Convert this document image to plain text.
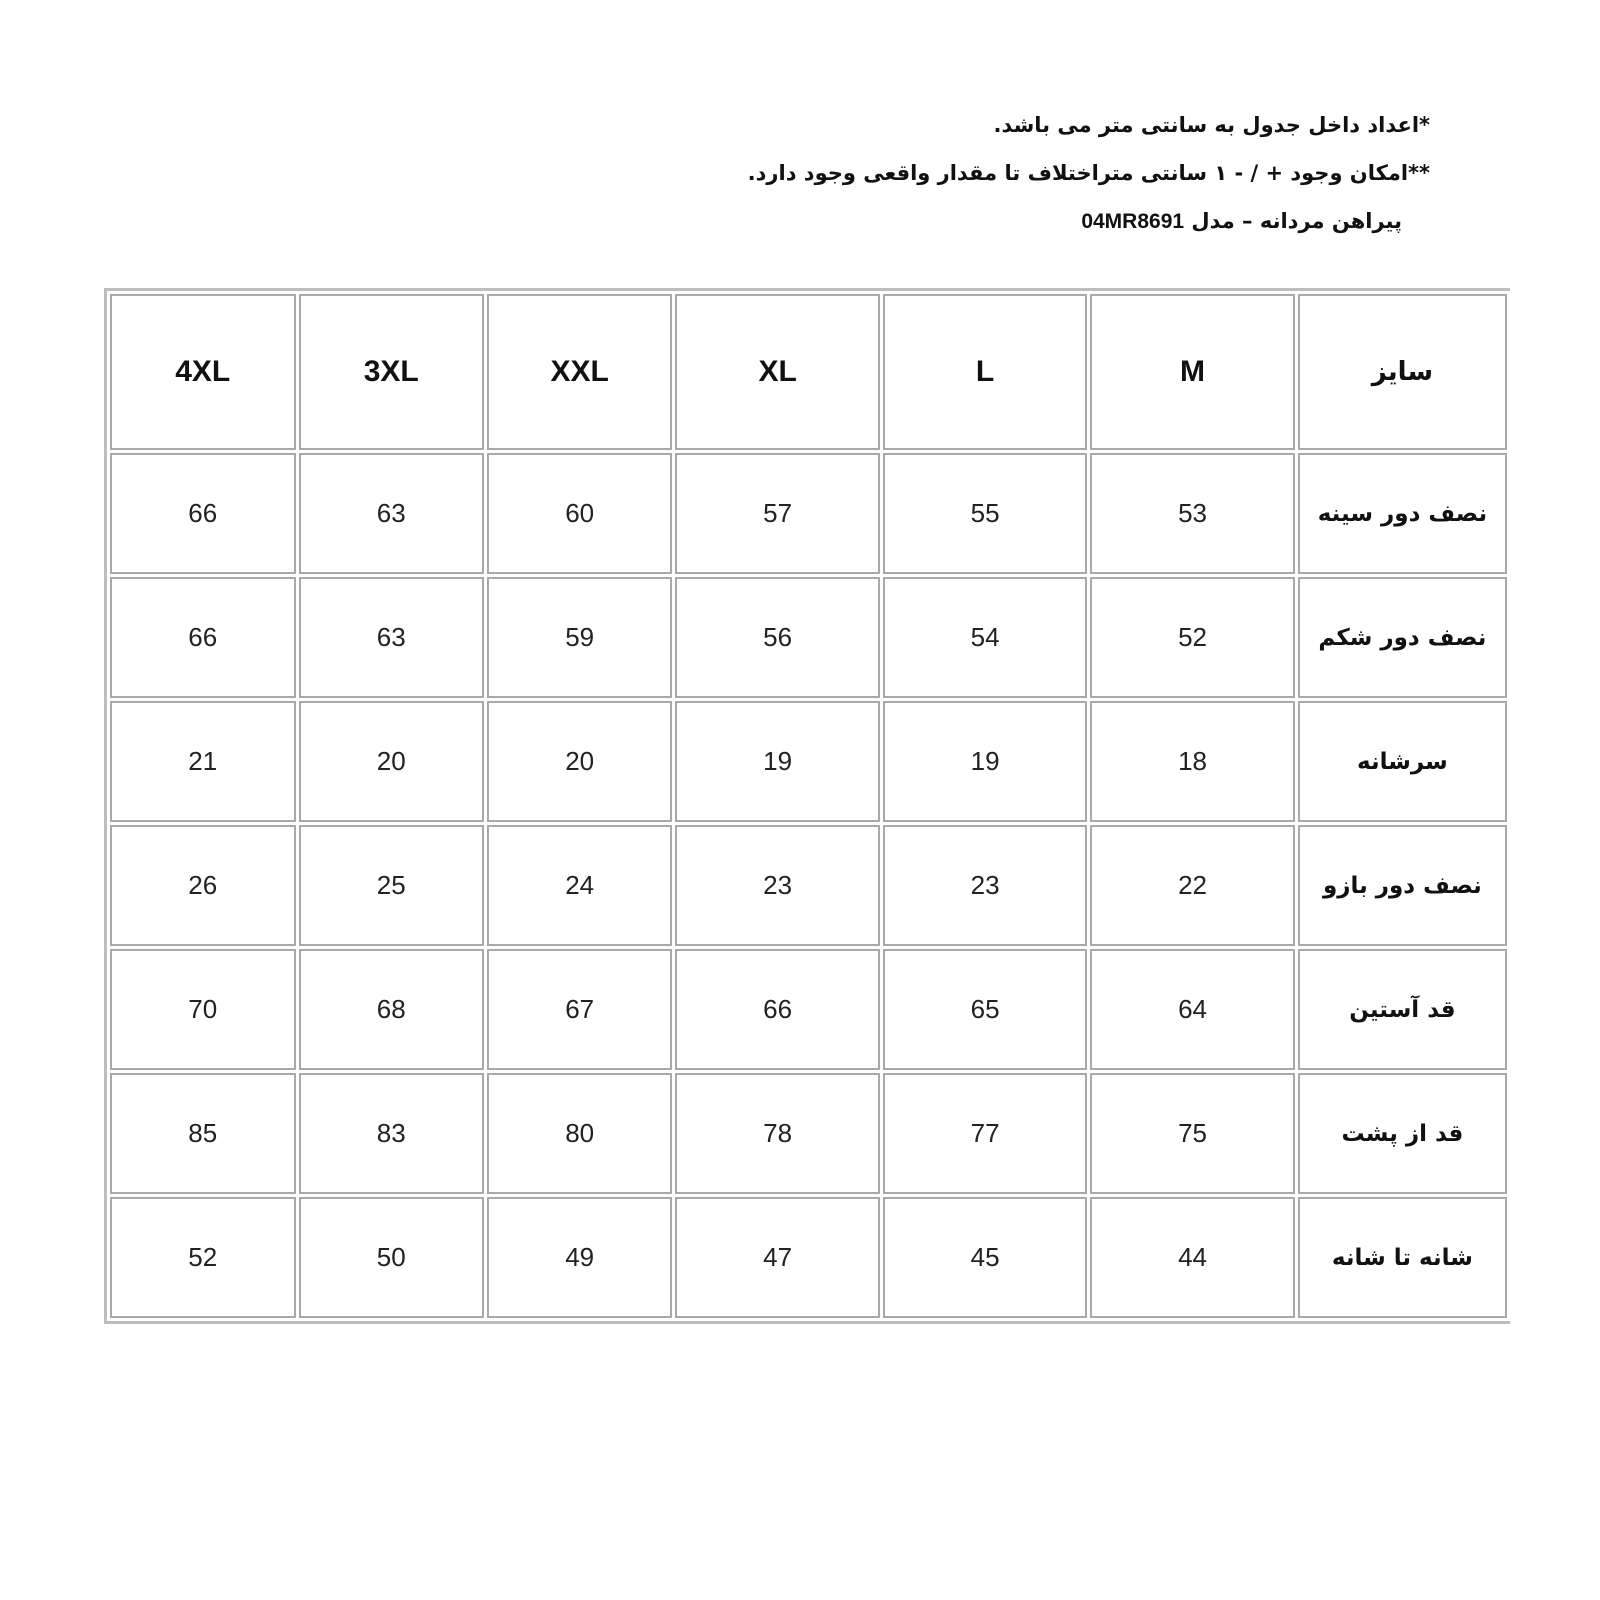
*اعداد داخل جدول به سانتی متر می باشد.
**امکان وجود + / - ۱ سانتی متراختلاف تا مقدار واقعی وجود دارد.
پیراهن مردانه – مدل 04MR8691
سایز	M	L	XL	XXL	3XL	4XL
نصف دور سینه	53	55	57	60	63	66
نصف دور شکم	52	54	56	59	63	66
سرشانه	18	19	19	20	20	21
نصف دور بازو	22	23	23	24	25	26
قد آستین	64	65	66	67	68	70
قد از پشت	75	77	78	80	83	85
شانه تا شانه	44	45	47	49	50	52
